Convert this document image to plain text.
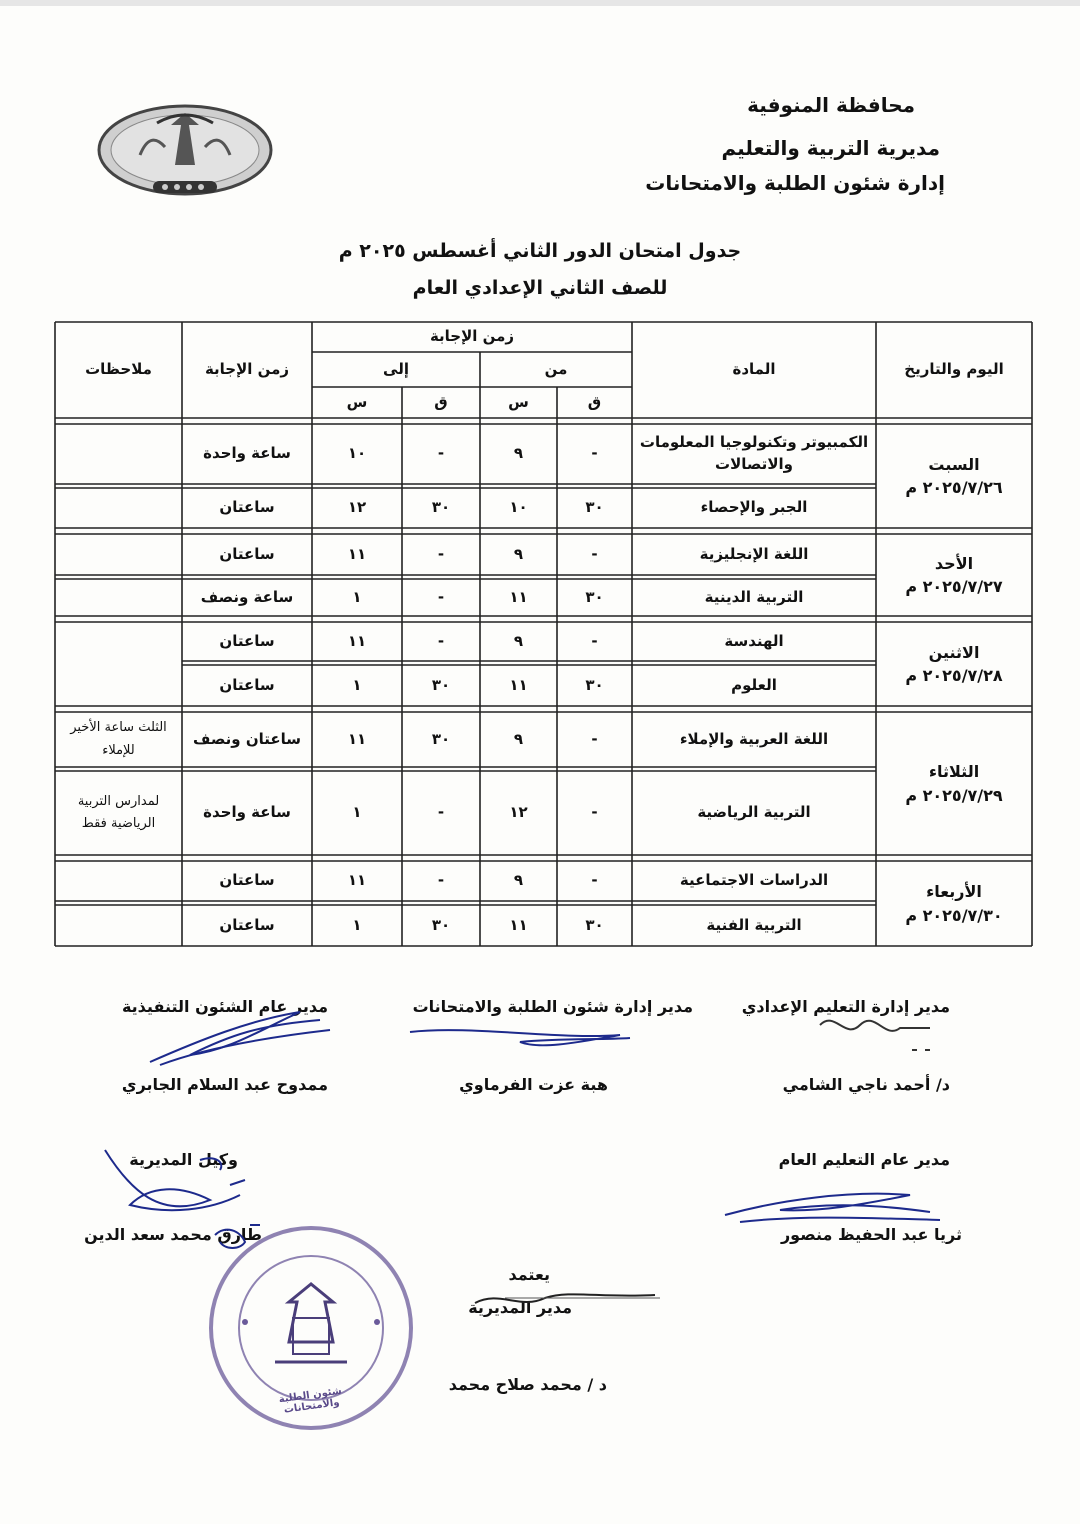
محافظة المنوفية
مديرية التربية والتعليم
إدارة شئون الطلبة والامتحانات
جدول امتحان الدور الثاني أغسطس ٢٠٢٥ م
للصف الثاني الإعدادي العام
اليوم والتاريخ
المادة
زمن الإجابة
من
إلى
ق
س
ق
س
زمن الإجابة
ملاحظات
السبت
٢٠٢٥/٧/٢٦ م
الأحد
٢٠٢٥/٧/٢٧ م
الاثنين
٢٠٢٥/٧/٢٨ م
الثلاثاء
٢٠٢٥/٧/٢٩ م
الأربعاء
٢٠٢٥/٧/٣٠ م
الكمبيوتر وتكنولوجيا المعلومات والاتصالات
-
٩
-
١٠
ساعة واحدة
الجبر والإحصاء
٣٠
١٠
٣٠
١٢
ساعتان
اللغة الإنجليزية
-
٩
-
١١
ساعتان
التربية الدينية
٣٠
١١
-
١
ساعة ونصف
الهندسة
-
٩
-
١١
ساعتان
العلوم
٣٠
١١
٣٠
١
ساعتان
اللغة العربية والإملاء
-
٩
٣٠
١١
ساعتان ونصف
الثلث ساعة الأخير للإملاء
التربية الرياضية
-
١٢
-
١
ساعة واحدة
لمدارس التربية الرياضية فقط
الدراسات الاجتماعية
-
٩
-
١١
ساعتان
التربية الفنية
٣٠
١١
٣٠
١
ساعتان
مدير إدارة التعليم الإعدادي
د/ أحمد ناجي الشامي
مدير إدارة شئون الطلبة والامتحانات
هبة عزت الفرماوي
مدير عام الشئون التنفيذية
ممدوح عبد السلام الجابري
مدير عام التعليم العام
ثريا عبد الحفيظ منصور
وكيل المديرية
طارق محمد سعد الدين
يعتمد
مدير المديرية
د / محمد صلاح محمد
شئون الطلبة والامتحانات
